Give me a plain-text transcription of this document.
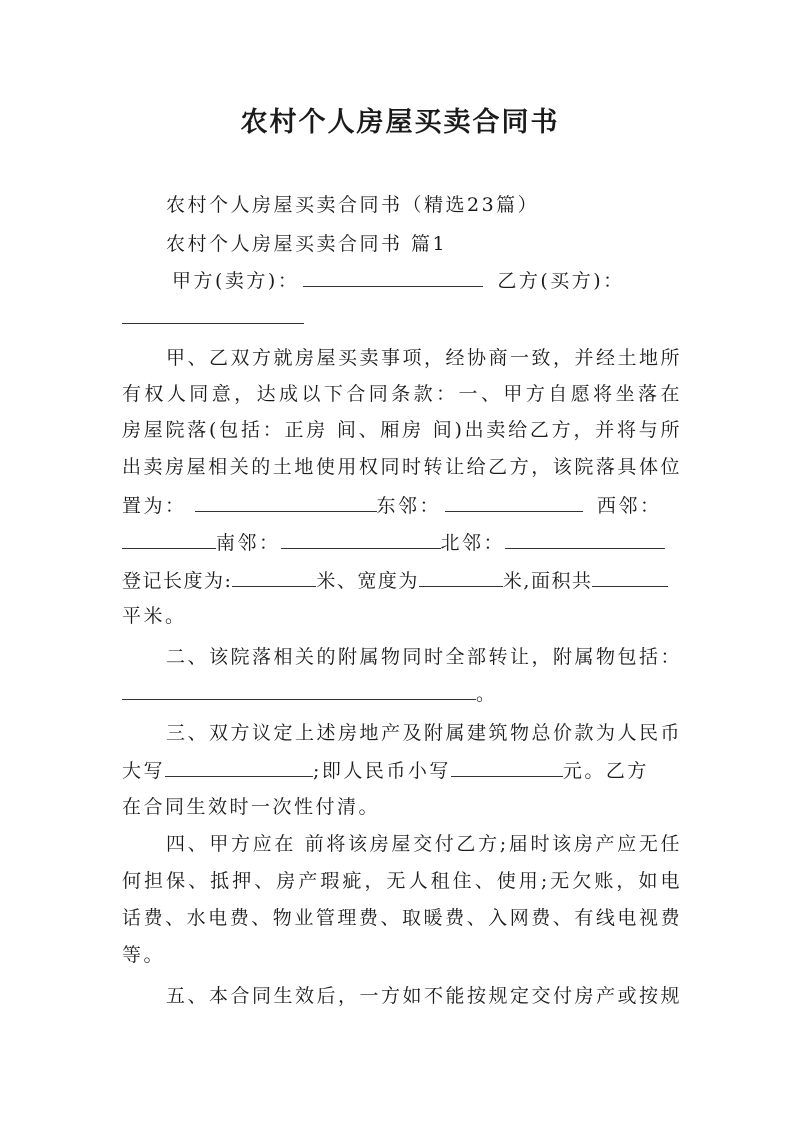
农村个人房屋买卖合同书
农村个人房屋买卖合同书（精选23篇）
农村个人房屋买卖合同书 篇1
甲方(卖方)：	乙方(买方)：
甲、乙双方就房屋买卖事项，经协商一致，并经土地所
有权人同意，达成以下合同条款：一、甲方自愿将坐落在
房屋院落(包括：正房 间、厢房 间)出卖给乙方，并将与所
出卖房屋相关的土地使用权同时转让给乙方，该院落具体位
置为：	东邻：	西邻：
南邻：	北邻：
登记长度为:	米、宽度为	米,面积共
平米。
二、该院落相关的附属物同时全部转让，附属物包括：
。
三、双方议定上述房地产及附属建筑物总价款为人民币
大写	;即人民币小写	元。乙方
在合同生效时一次性付清。
四、甲方应在 前将该房屋交付乙方;届时该房产应无任
何担保、抵押、房产瑕疵，无人租住、使用;无欠账，如电
话费、水电费、物业管理费、取暖费、入网费、有线电视费
等。
五、本合同生效后，一方如不能按规定交付房产或按规
